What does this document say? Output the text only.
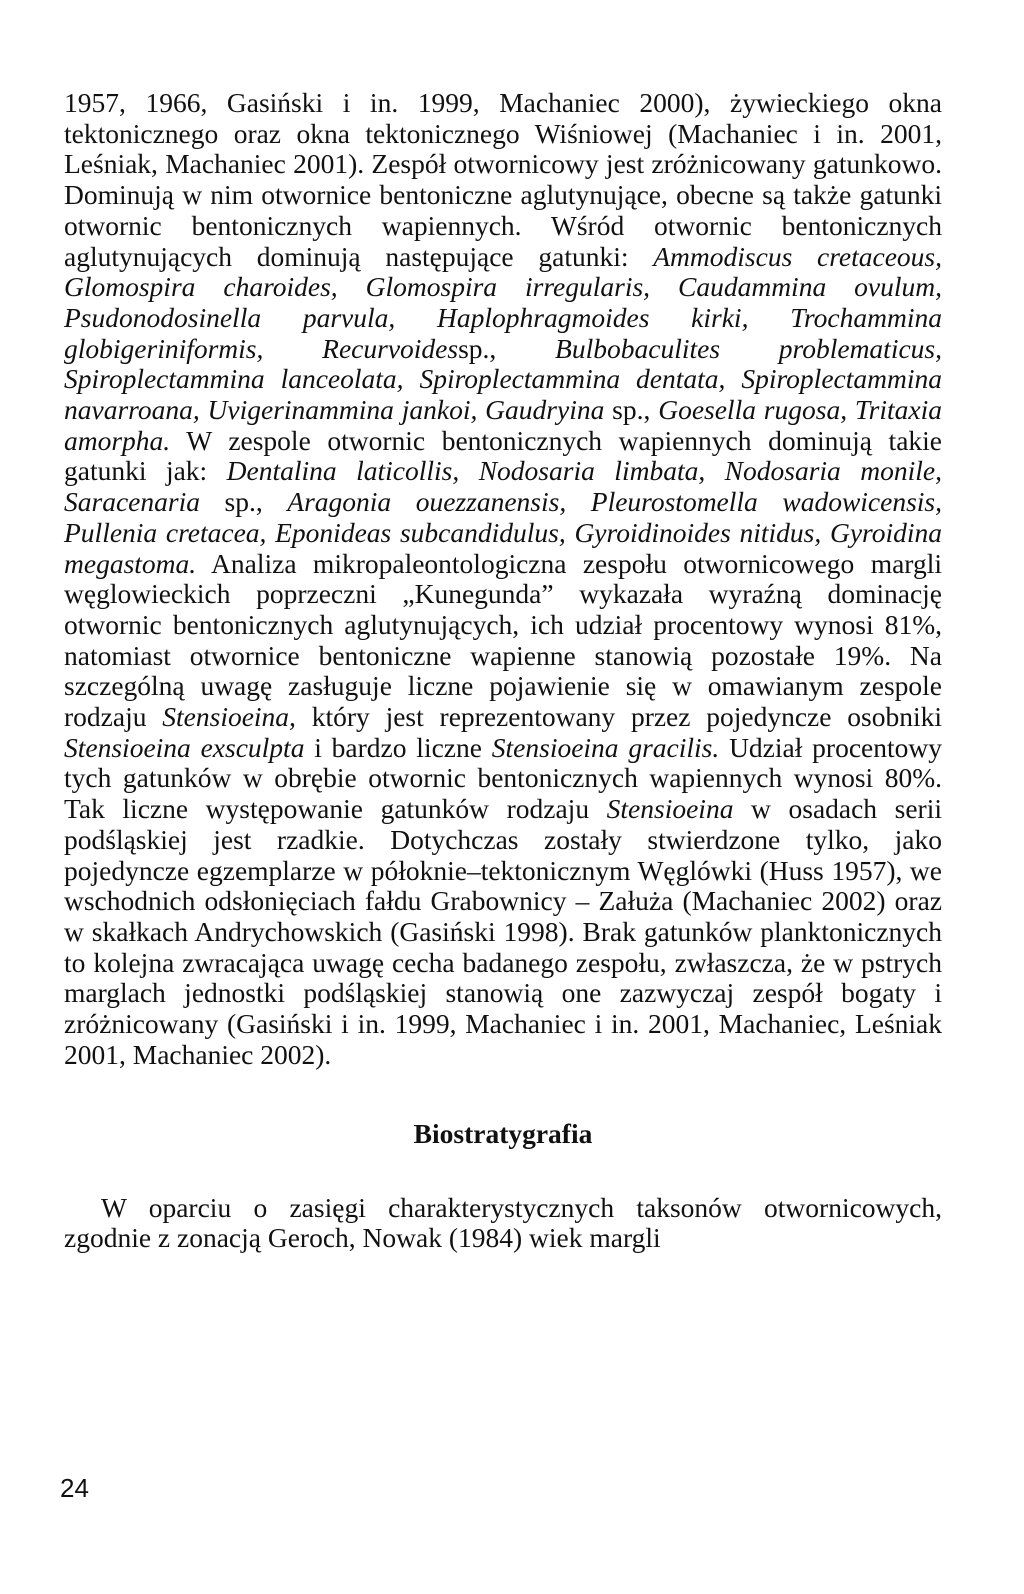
1957, 1966, Gasiński i in. 1999, Machaniec 2000), żywieckiego okna tektonicznego oraz okna tektonicznego Wiśniowej (Machaniec i in. 2001, Leśniak, Machaniec 2001). Zespół otwornicowy jest zróżnicowany gatunkowo. Dominują w nim otwornice bentoniczne aglutynujące, obecne są także gatunki otwornic bentonicznych wapiennych. Wśród otwornic bentonicznych aglutynujących dominują następujące gatunki: Ammodiscus cretaceous, Glomospira charoides, Glomospira irregularis, Caudammina ovulum, Psudonodosinella parvula, Haplophragmoides kirki, Trochammina globigeriniformis, Recurvoidessp., Bulbobaculites problematicus, Spiroplectammina lanceolata, Spiroplectammina dentata, Spiroplectammina navarroana, Uvigerinammina jankoi, Gaudryina sp., Goesella rugosa, Tritaxia amorpha. W zespole otwornic bentonicznych wapiennych dominują takie gatunki jak: Dentalina laticollis, Nodosaria limbata, Nodosaria monile, Saracenaria sp., Aragonia ouezzanensis, Pleurostomella wadowicensis, Pullenia cretacea, Eponideas subcandidulus, Gyroidinoides nitidus, Gyroidina megastoma. Analiza mikropaleontologiczna zespołu otwornicowego margli węglowieckich poprzeczni „Kunegunda” wykazała wyraźną dominację otwornic bentonicznych aglutynujących, ich udział procentowy wynosi 81%, natomiast otwornice bentoniczne wapienne stanowią pozostałe 19%. Na szczególną uwagę zasługuje liczne pojawienie się w omawianym zespole rodzaju Stensioeina, który jest reprezentowany przez pojedyncze osobniki Stensioeina exsculpta i bardzo liczne Stensioeina gracilis. Udział procentowy tych gatunków w obrębie otwornic bentonicznych wapiennych wynosi 80%. Tak liczne występowanie gatunków rodzaju Stensioeina w osadach serii podśląskiej jest rzadkie. Dotychczas zostały stwierdzone tylko, jako pojedyncze egzemplarze w półoknie–tektonicznym Węglówki (Huss 1957), we wschodnich odsłonięciach fałdu Grabownicy – Załuża (Machaniec 2002) oraz w skałkach Andrychowskich (Gasiński 1998). Brak gatunków planktonicznych to kolejna zwracająca uwagę cecha badanego zespołu, zwłaszcza, że w pstrych marglach jednostki podśląskiej stanowią one zazwyczaj zespół bogaty i zróżnicowany (Gasiński i in. 1999, Machaniec i in. 2001, Machaniec, Leśniak 2001, Machaniec 2002).

Biostratygrafia

W oparciu o zasięgi charakterystycznych taksonów otwornicowych, zgodnie z zonacją Geroch, Nowak (1984) wiek margli

24
